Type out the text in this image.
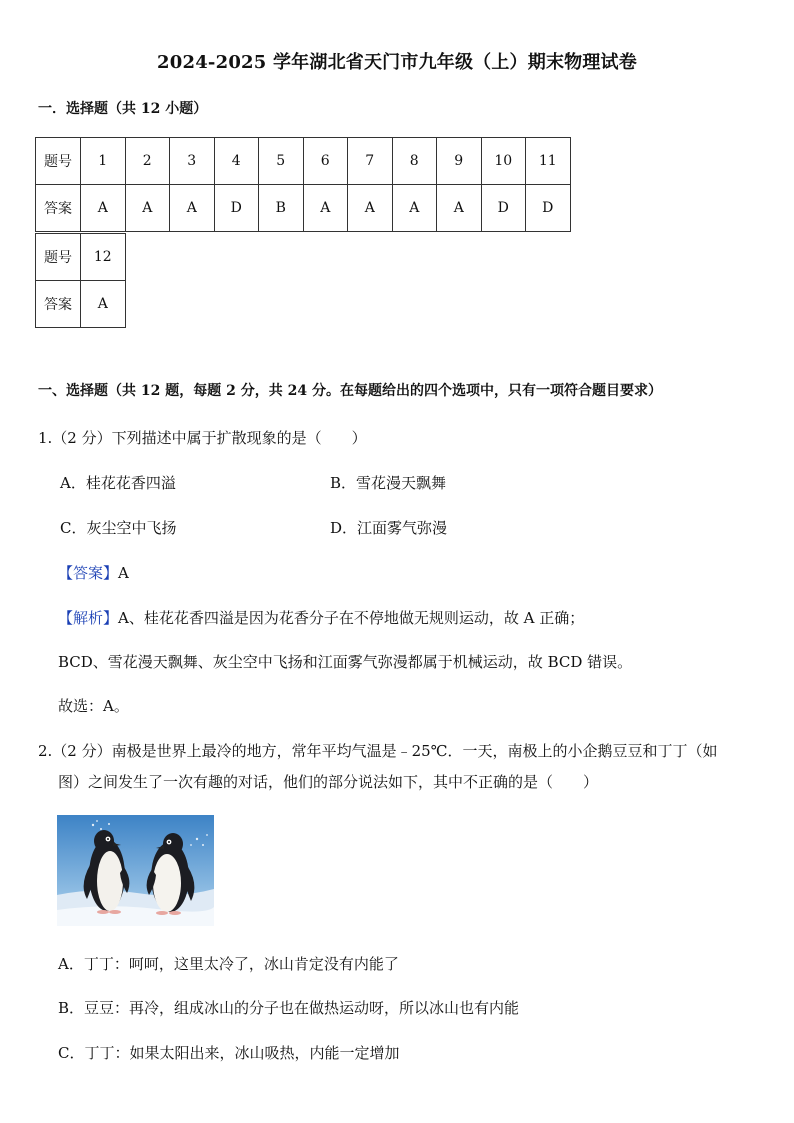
2024-2025 学年湖北省天门市九年级（上）期末物理试卷
一．选择题（共 12 小题）
题号	1	2	3	4	5	6	7	8	9	10	11
答案	A	A	A	D	B	A	A	A	A	D	D
题号	12
答案	A
一、选择题（共 12 题，每题 2 分，共 24 分。在每题给出的四个选项中，只有一项符合题目要求）
1.（2 分）下列描述中属于扩散现象的是（　　）
A．桂花花香四溢	B．雪花漫天飘舞
C．灰尘空中飞扬	D．江面雾气弥漫
【答案】A
【解析】A、桂花花香四溢是因为花香分子在不停地做无规则运动，故 A 正确；
BCD、雪花漫天飘舞、灰尘空中飞扬和江面雾气弥漫都属于机械运动，故 BCD 错误。
故选：A。
2.（2 分）南极是世界上最冷的地方，常年平均气温是﹣25℃．一天，南极上的小企鹅豆豆和丁丁（如
图）之间发生了一次有趣的对话，他们的部分说法如下，其中不正确的是（　　）
A．丁丁：呵呵，这里太冷了，冰山肯定没有内能了
B．豆豆：再冷，组成冰山的分子也在做热运动呀，所以冰山也有内能
C．丁丁：如果太阳出来，冰山吸热，内能一定增加
